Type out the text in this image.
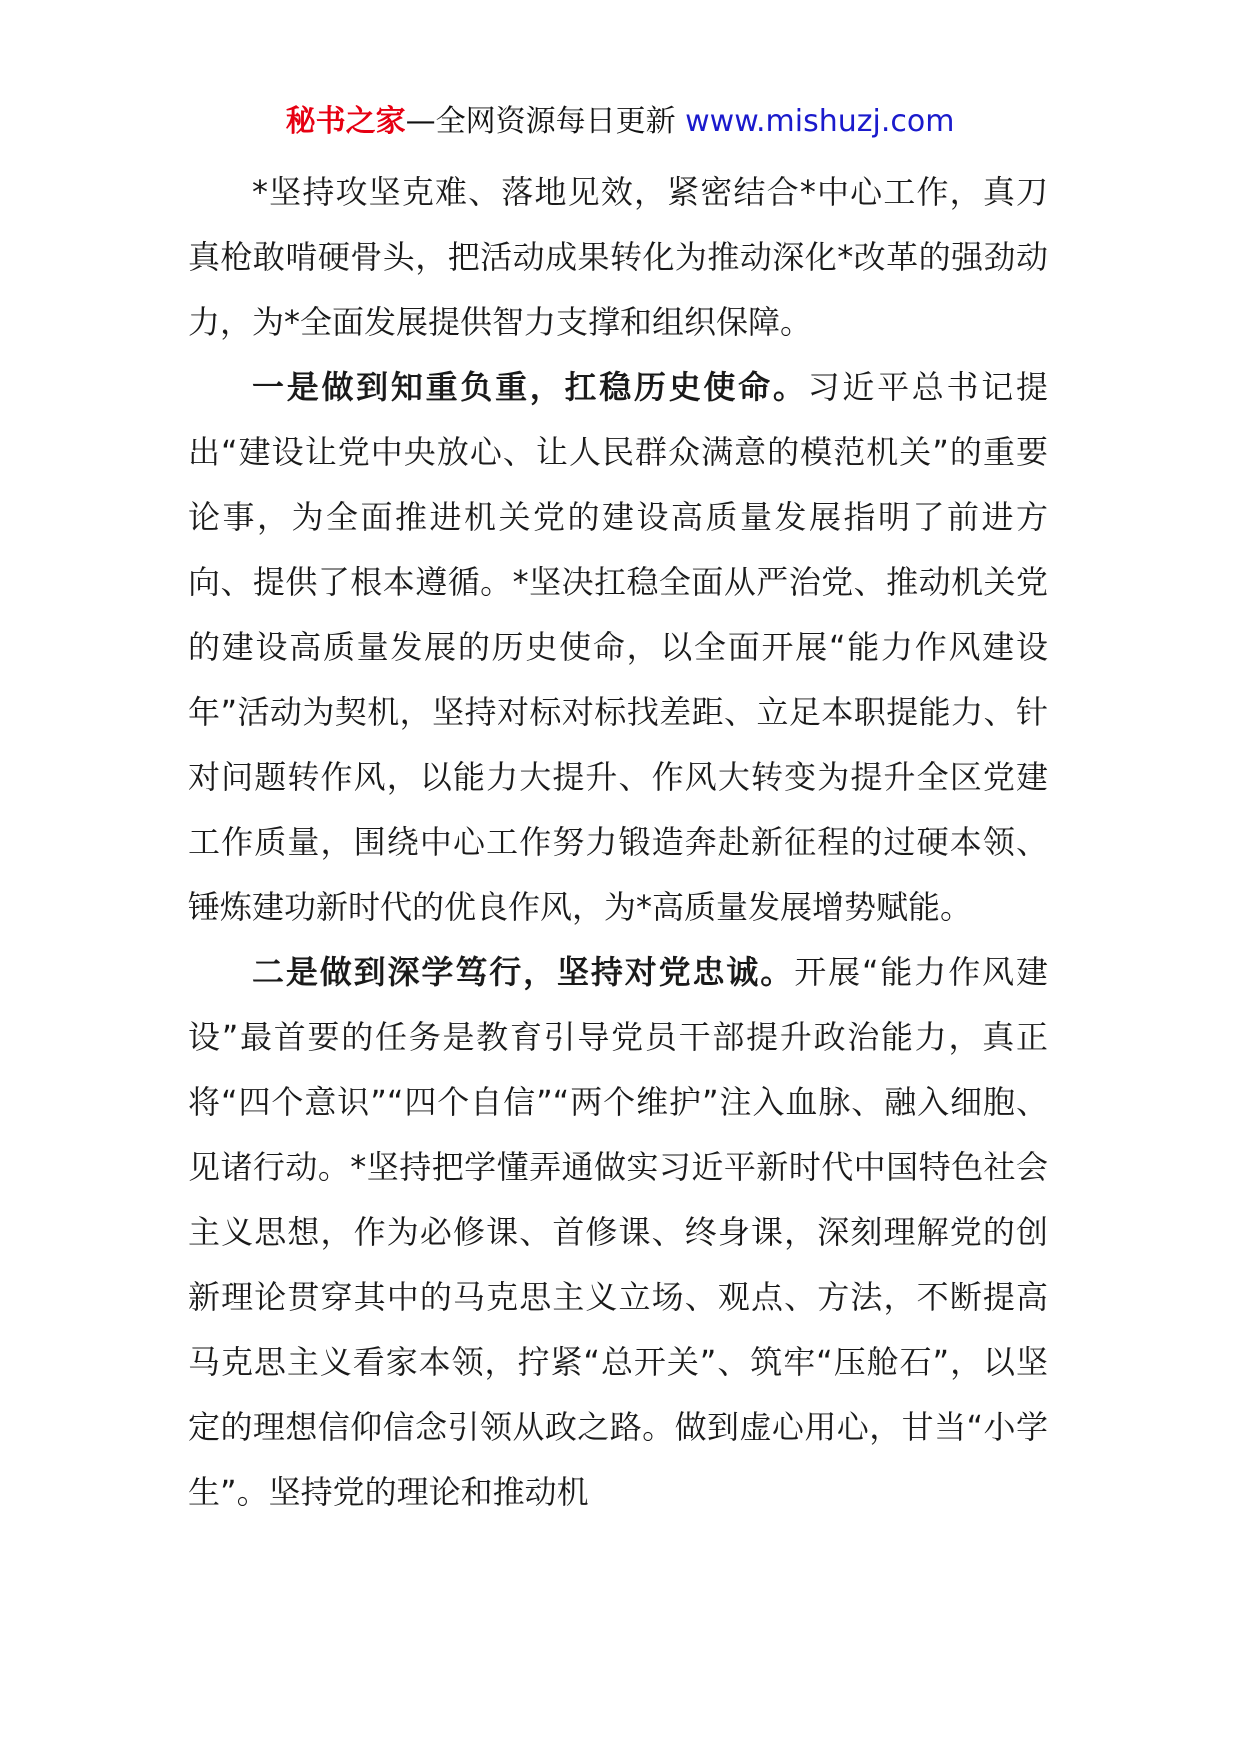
秘书之家—全网资源每日更新 www.mishuzj.com

*坚持攻坚克难、落地见效，紧密结合*中心工作，真刀真枪敢啃硬骨头，把活动成果转化为推动深化*改革的强劲动力，为*全面发展提供智力支撑和组织保障。

一是做到知重负重，扛稳历史使命。习近平总书记提出“建设让党中央放心、让人民群众满意的模范机关”的重要论事，为全面推进机关党的建设高质量发展指明了前进方向、提供了根本遵循。*坚决扛稳全面从严治党、推动机关党的建设高质量发展的历史使命，以全面开展“能力作风建设年”活动为契机，坚持对标对标找差距、立足本职提能力、针对问题转作风，以能力大提升、作风大转变为提升全区党建工作质量，围绕中心工作努力锻造奔赴新征程的过硬本领、锤炼建功新时代的优良作风，为*高质量发展增势赋能。

二是做到深学笃行，坚持对党忠诚。开展“能力作风建设”最首要的任务是教育引导党员干部提升政治能力，真正将“四个意识”“四个自信”“两个维护”注入血脉、融入细胞、见诸行动。*坚持把学懂弄通做实习近平新时代中国特色社会主义思想，作为必修课、首修课、终身课，深刻理解党的创新理论贯穿其中的马克思主义立场、观点、方法，不断提高马克思主义看家本领，拧紧“总开关”、筑牢“压舱石”，以坚定的理想信仰信念引领从政之路。做到虚心用心，甘当“小学生”。坚持党的理论和推动机
